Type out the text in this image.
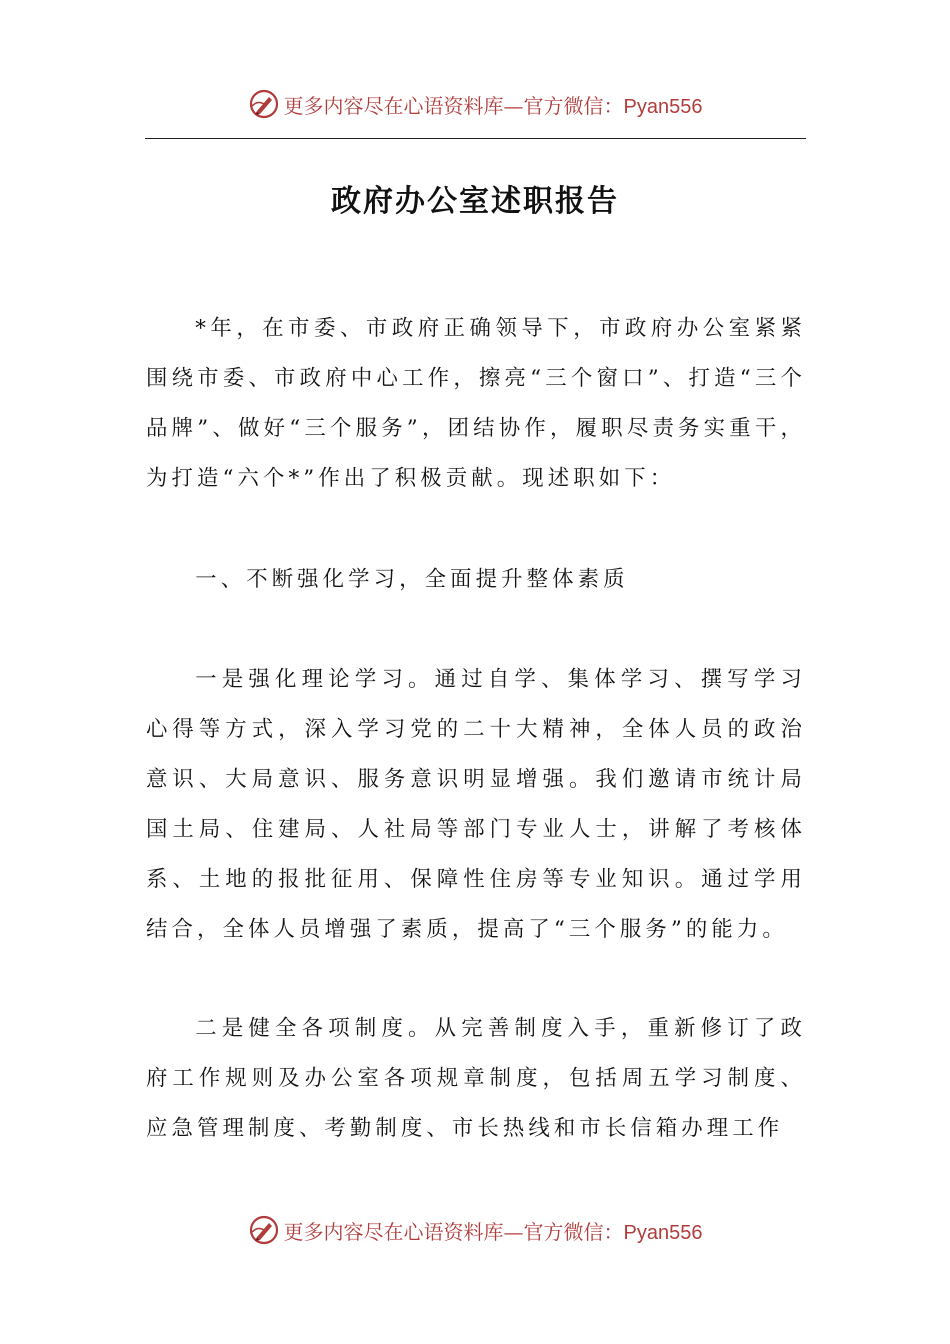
更多内容尽在心语资料库—官方微信：Pyan556
政府办公室述职报告
*年，在市委、市政府正确领导下，市政府办公室紧紧围绕市委、市政府中心工作，擦亮“三个窗口”、打造“三个品牌”、做好“三个服务”，团结协作，履职尽责务实重干，为打造“六个*”作出了积极贡献。现述职如下：
一、不断强化学习，全面提升整体素质
一是强化理论学习。通过自学、集体学习、撰写学习心得等方式，深入学习党的二十大精神，全体人员的政治意识、大局意识、服务意识明显增强。我们邀请市统计局国土局、住建局、人社局等部门专业人士，讲解了考核体系、土地的报批征用、保障性住房等专业知识。通过学用结合，全体人员增强了素质，提高了“三个服务”的能力。
二是健全各项制度。从完善制度入手，重新修订了政府工作规则及办公室各项规章制度，包括周五学习制度、应急管理制度、考勤制度、市长热线和市长信箱办理工作
更多内容尽在心语资料库—官方微信：Pyan556
